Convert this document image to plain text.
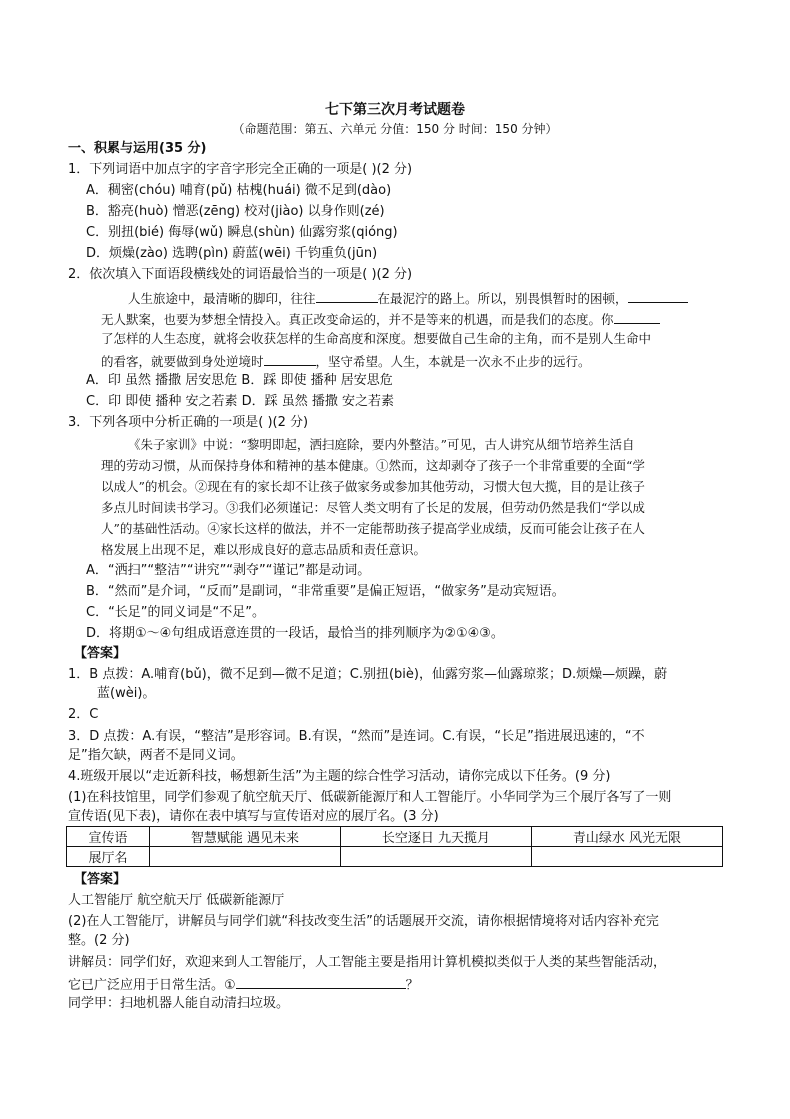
七下第三次月考试题卷
（命题范围：第五、六单元 分值：150 分 时间：150 分钟）
一、积累与运用(35 分)
1．下列词语中加点字的字音字形完全正确的一项是( )(2 分)
A．稠密(chóu) 哺育(pǔ) 枯槐(huái) 微不足到(dào)
B．豁亮(huò) 憎恶(zēng) 校对(jiào) 以身作则(zé)
C．别扭(bié) 侮辱(wǔ) 瞬息(shùn) 仙露穷浆(qióng)
D．烦燥(zào) 选聘(pìn) 蔚蓝(wēi) 千钧重负(jūn)
2．依次填入下面语段横线处的词语最恰当的一项是( )(2 分)
人生旅途中，最清晰的脚印，往往	在最泥泞的路上。所以，别畏惧暂时的困顿，
无人默案，也要为梦想全情投入。真正改变命运的，并不是等来的机遇，而是我们的态度。你
了怎样的人生态度，就将会收获怎样的生命高度和深度。想要做自己生命的主角，而不是别人生命中
的看客，就要做到身处逆境时	，坚守希望。人生，本就是一次永不止步的远行。
A．印 虽然 播撒 居安思危 B．踩 即使 播种 居安思危
C．印 即使 播种 安之若素 D．踩 虽然 播撒 安之若素
3．下列各项中分析正确的一项是( )(2 分)
《朱子家训》中说：“黎明即起，洒扫庭除，要内外整洁。”可见，古人讲究从细节培养生活自
理的劳动习惯，从而保持身体和精神的基本健康。①然而，这却剥夺了孩子一个非常重要的全面“学
以成人”的机会。②现在有的家长却不让孩子做家务或参加其他劳动，习惯大包大揽，目的是让孩子
多点儿时间读书学习。③我们必须谨记：尽管人类文明有了长足的发展，但劳动仍然是我们“学以成
人”的基础性活动。④家长这样的做法，并不一定能帮助孩子提高学业成绩，反而可能会让孩子在人
格发展上出现不足，难以形成良好的意志品质和责任意识。
A．“洒扫”“整洁”“讲究”“剥夺”“谨记”都是动词。
B．“然而”是介词，“反而”是副词，“非常重要”是偏正短语，“做家务”是动宾短语。
C．“长足”的同义词是“不足”。
D．将期①～④句组成语意连贯的一段话，最恰当的排列顺序为②①④③。
【答案】
1．B 点拨：A.哺育(bǔ)，微不足到—微不足道；C.别扭(biè)，仙露穷浆—仙露琼浆；D.烦燥—烦躁，蔚
蓝(wèi)。
2．C
3．D 点拨：A.有误，“整洁”是形容词。B.有误，“然而”是连词。C.有误，“长足”指进展迅速的，“不
足”指欠缺，两者不是同义词。
4.班级开展以“走近新科技，畅想新生活”为主题的综合性学习活动，请你完成以下任务。(9 分)
(1)在科技馆里，同学们参观了航空航天厅、低碳新能源厅和人工智能厅。小华同学为三个展厅各写了一则
宣传语(见下表)，请你在表中填写与宣传语对应的展厅名。(3 分)
宣传语	智慧赋能 遇见未来	长空逐日 九天揽月	青山绿水 风光无限
展厅名			
【答案】
人工智能厅 航空航天厅 低碳新能源厅
(2)在人工智能厅，讲解员与同学们就“科技改变生活”的话题展开交流，请你根据情境将对话内容补充完
整。(2 分)
讲解员：同学们好，欢迎来到人工智能厅，人工智能主要是指用计算机模拟类似于人类的某些智能活动，
它已广泛应用于日常生活。①	？
同学甲：扫地机器人能自动清扫垃圾。
